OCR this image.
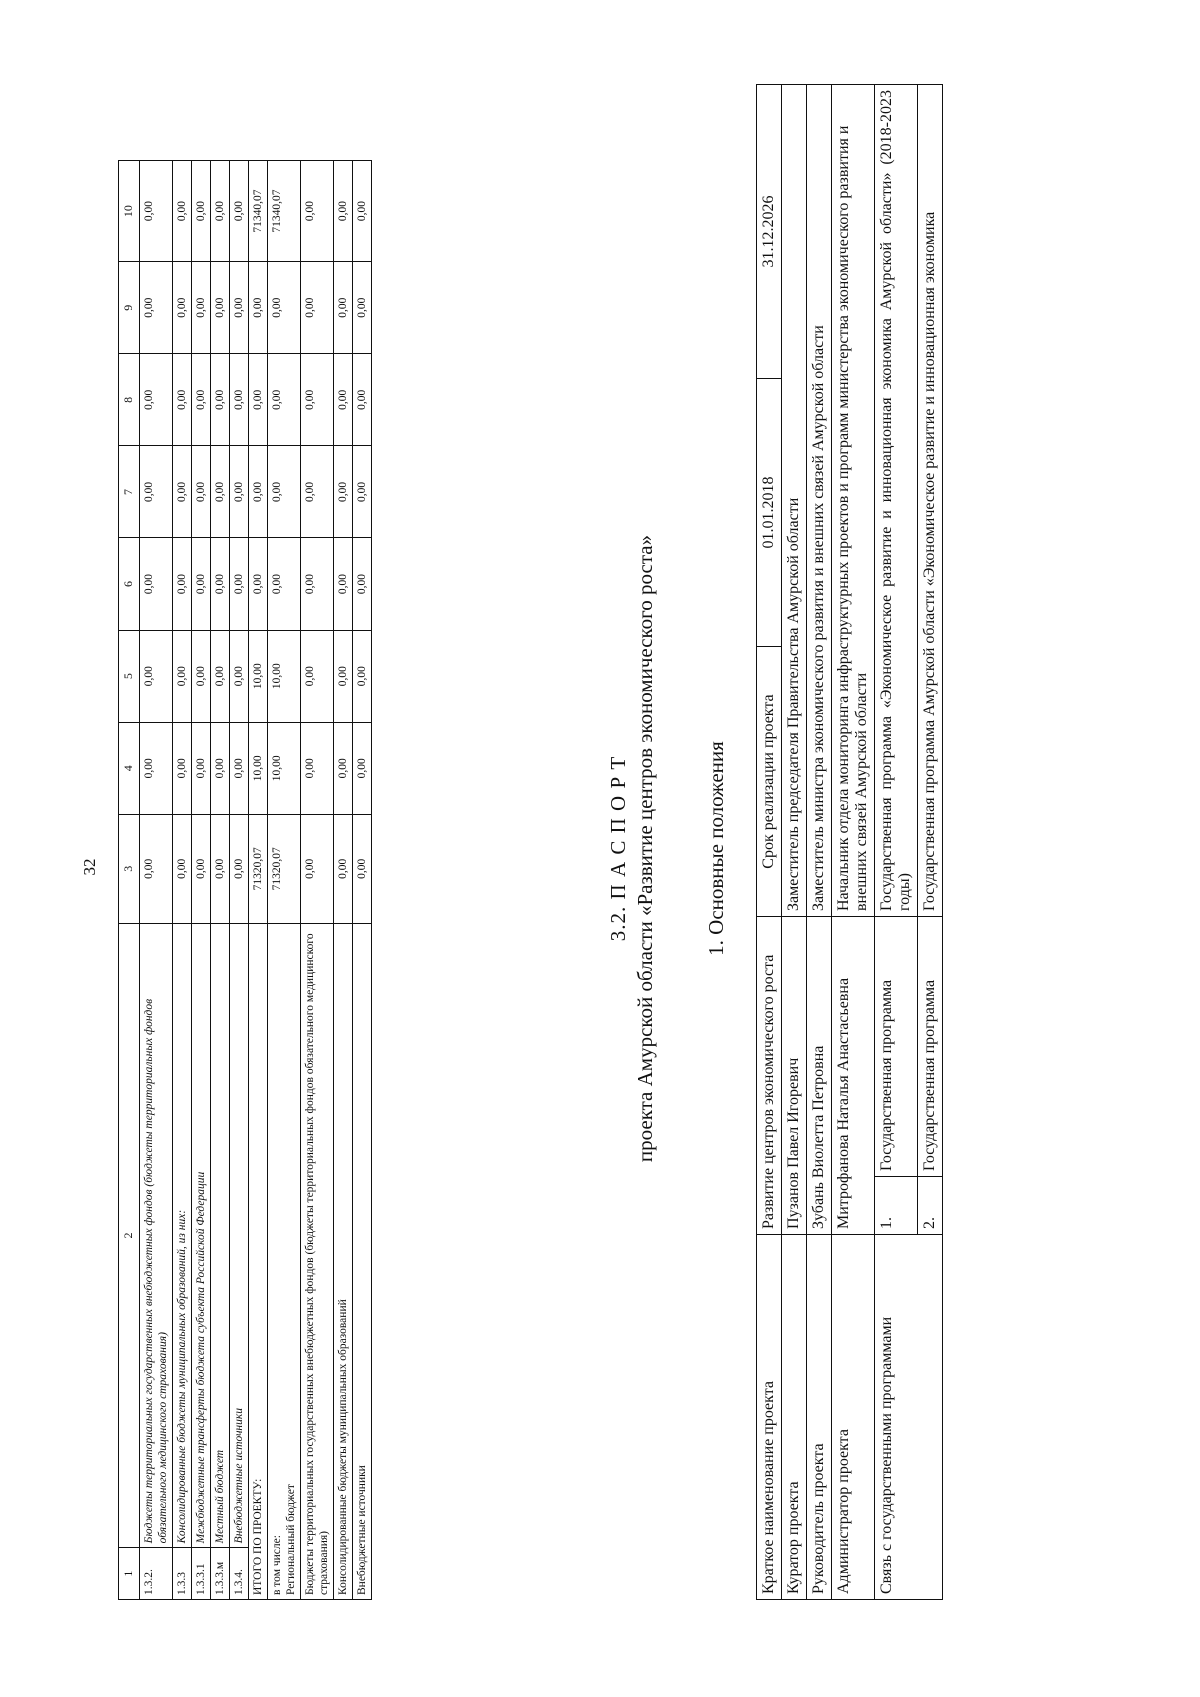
32
1	2	3	4	5	6	7	8	9	10
1.3.2.	Бюджеты территориальных государственных внебюджетных фондов (бюджеты территориальных фондов обязательного медицинского страхования)	0,00	0,00	0,00	0,00	0,00	0,00	0,00	0,00
1.3.3	Консолидированные бюджеты муниципальных образований, из них:	0,00	0,00	0,00	0,00	0,00	0,00	0,00	0,00
1.3.3.1	Межбюджетные трансферты бюджета субъекта Российской Федерации	0,00	0,00	0,00	0,00	0,00	0,00	0,00	0,00
1.3.3.м	Местный бюджет	0,00	0,00	0,00	0,00	0,00	0,00	0,00	0,00
1.3.4.	Внебюджетные источники	0,00	0,00	0,00	0,00	0,00	0,00	0,00	0,00
ИТОГО ПО ПРОЕКТУ:		71320,07	10,00	10,00	0,00	0,00	0,00	0,00	71340,07
в том числе: Региональный бюджет		71320,07	10,00	10,00	0,00	0,00	0,00	0,00	71340,07
Бюджеты территориальных государственных внебюджетных фондов (бюджеты территориальных фондов обязательного медицинского страхования)		0,00	0,00	0,00	0,00	0,00	0,00	0,00	0,00
Консолидированные бюджеты муниципальных образований		0,00	0,00	0,00	0,00	0,00	0,00	0,00	0,00
Внебюджетные источники		0,00	0,00	0,00	0,00	0,00	0,00	0,00	0,00
3.2. П А С П О Р Т проекта Амурской области «Развитие центров экономического роста» 1. Основные положения
Краткое наименование проекта	Развитие центров экономического роста		Срок реализации проекта	01.01.2018	31.12.2026
Куратор проекта	Пузанов Павел Игоревич		Заместитель председателя Правительства Амурской области		
Руководитель проекта	Зубань Виолетта Петровна		Заместитель министра экономического развития и внешних связей Амурской области		
Администратор проекта	Митрофанова Наталья Анастасьевна		Начальник отдела мониторинга инфраструктурных проектов и программ министерства экономического развития и внешних связей Амурской области		
Связь с государственными программами	1.	Государственная программа	Государственная программа «Экономическое развитие и инновационная экономика Амурской области» (2018-2023 годы)		
	2.	Государственная программа	Государственная программа Амурской области «Экономическое развитие и инновационная экономика		
